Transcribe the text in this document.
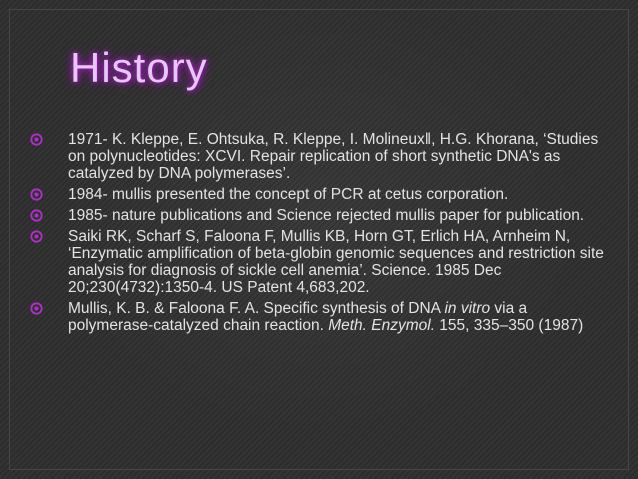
History
1971- K. Kleppe, E. Ohtsuka, R. Kleppe, I. Molineux‖, H.G. Khorana, ‘Studies on polynucleotides: XCVI. Repair replication of short synthetic DNA's as catalyzed by DNA polymerases’.
1984- mullis presented the concept of PCR at cetus corporation.
1985- nature publications and Science rejected mullis paper for publication.
Saiki RK, Scharf S, Faloona F, Mullis KB, Horn GT, Erlich HA, Arnheim N, ‘Enzymatic amplification of beta-globin genomic sequences and restriction site analysis for diagnosis of sickle cell anemia’. Science. 1985 Dec 20;230(4732):1350-4. US Patent 4,683,202.
Mullis, K. B. & Faloona F. A. Specific synthesis of DNA in vitro via a polymerase-catalyzed chain reaction. Meth. Enzymol. 155, 335–350 (1987)
